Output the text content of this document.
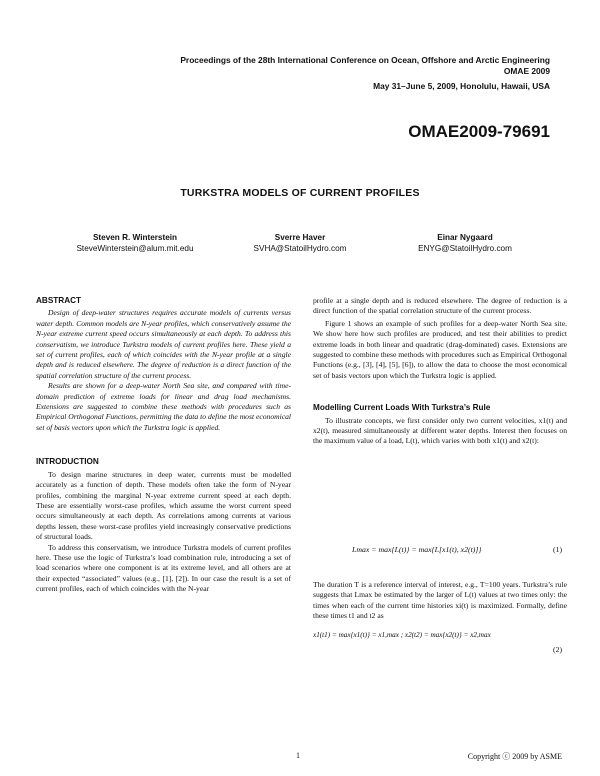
Proceedings of the 28th International Conference on Ocean, Offshore and Arctic Engineering
OMAE 2009
May 31–June 5, 2009, Honolulu, Hawaii, USA
OMAE2009-79691
TURKSTRA MODELS OF CURRENT PROFILES
Steven R. Winterstein
SteveWinterstein@alum.mit.edu
Sverre Haver
SVHA@StatoilHydro.com
Einar Nygaard
ENYG@StatoilHydro.com
ABSTRACT

Design of deep-water structures requires accurate models of currents versus water depth. Common models are N-year profiles, which conservatively assume the N-year extreme current speed occurs simultaneously at each depth. To address this conservatism, we introduce Turkstra models of current profiles here. These yield a set of current profiles, each of which coincides with the N-year profile at a single depth and is reduced elsewhere. The degree of reduction is a direct function of the spatial correlation structure of the current process.

Results are shown for a deep-water North Sea site, and compared with time-domain prediction of extreme loads for linear and drag load mechanisms. Extensions are suggested to combine these methods with procedures such as Empirical Orthogonal Functions, permitting the data to define the most economical set of basis vectors upon which the Turkstra logic is applied.

INTRODUCTION

To design marine structures in deep water, currents must be modelled accurately as a function of depth. These models often take the form of N-year profiles, combining the marginal N-year extreme current speed at each depth. These are essentially worst-case profiles, which assume the worst current speed occurs simultaneously at each depth. As correlations among currents at various depths lessen, these worst-case profiles yield increasingly conservative predictions of structural loads.

To address this conservatism, we introduce Turkstra models of current profiles here. These use the logic of Turkstra’s load combination rule, introducing a set of load scenarios where one component is at its extreme level, and all others are at their expected “associated” values (e.g., [1], [2]). In our case the result is a set of current profiles, each of which coincides with the N-year

profile at a single depth and is reduced elsewhere. The degree of reduction is a direct function of the spatial correlation structure of the current process.

Figure 1 shows an example of such profiles for a deep-water North Sea site. We show here how such profiles are produced, and test their abilities to predict extreme loads in both linear and quadratic (drag-dominated) cases. Extensions are suggested to combine these methods with procedures such as Empirical Orthogonal Functions (e.g., [3], [4], [5], [6]), to allow the data to choose the most economical set of basis vectors upon which the Turkstra logic is applied.

Modelling Current Loads With Turkstra’s Rule

To illustrate concepts, we first consider only two current velocities, x1(t) and x2(t), measured simultaneously at different water depths. Interest then focuses on the maximum value of a load, L(t), which varies with both x1(t) and x2(t):

Lmax = max{L(t)} = max{L[x1(t), x2(t)]}	(1)

The duration T is a reference interval of interest, e.g., T=100 years. Turkstra’s rule suggests that Lmax be estimated by the larger of L(t) values at two times only: the times when each of the current time histories xi(t) is maximized. Formally, define these times t1 and t2 as

x1(t1) = max{x1(t)} = x1,max ; x2(t2) = max{x2(t)} = x2,max
(2)
1	Copyright ⓒ 2009 by ASME
